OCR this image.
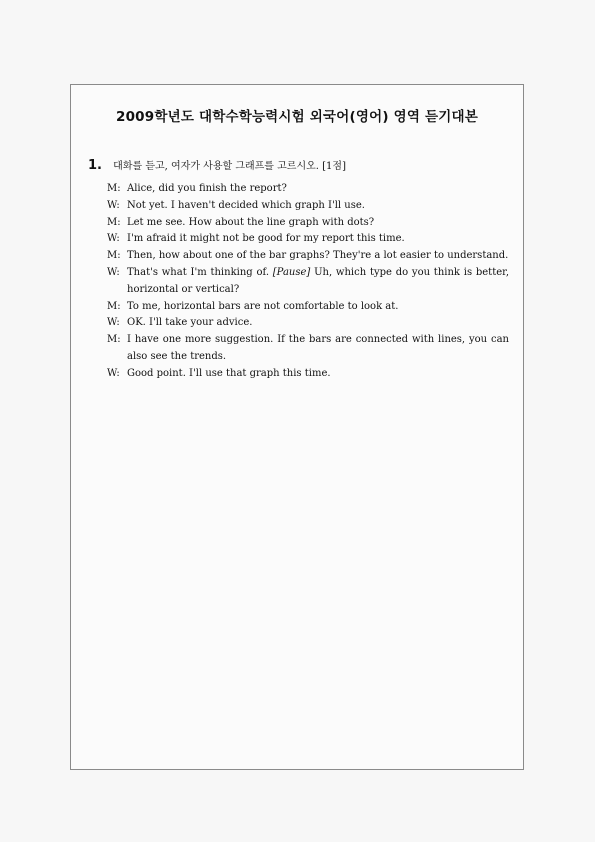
2009학년도 대학수학능력시험 외국어(영어) 영역 듣기대본
1. 대화를 듣고, 여자가 사용할 그래프를 고르시오. [1점]
M: Alice, did you finish the report?
W: Not yet. I haven't decided which graph I'll use.
M: Let me see. How about the line graph with dots?
W: I'm afraid it might not be good for my report this time.
M: Then, how about one of the bar graphs? They're a lot easier to understand.
W: That's what I'm thinking of. [Pause] Uh, which type do you think is better, horizontal or vertical?
M: To me, horizontal bars are not comfortable to look at.
W: OK. I'll take your advice.
M: I have one more suggestion. If the bars are connected with lines, you can also see the trends.
W: Good point. I'll use that graph this time.
